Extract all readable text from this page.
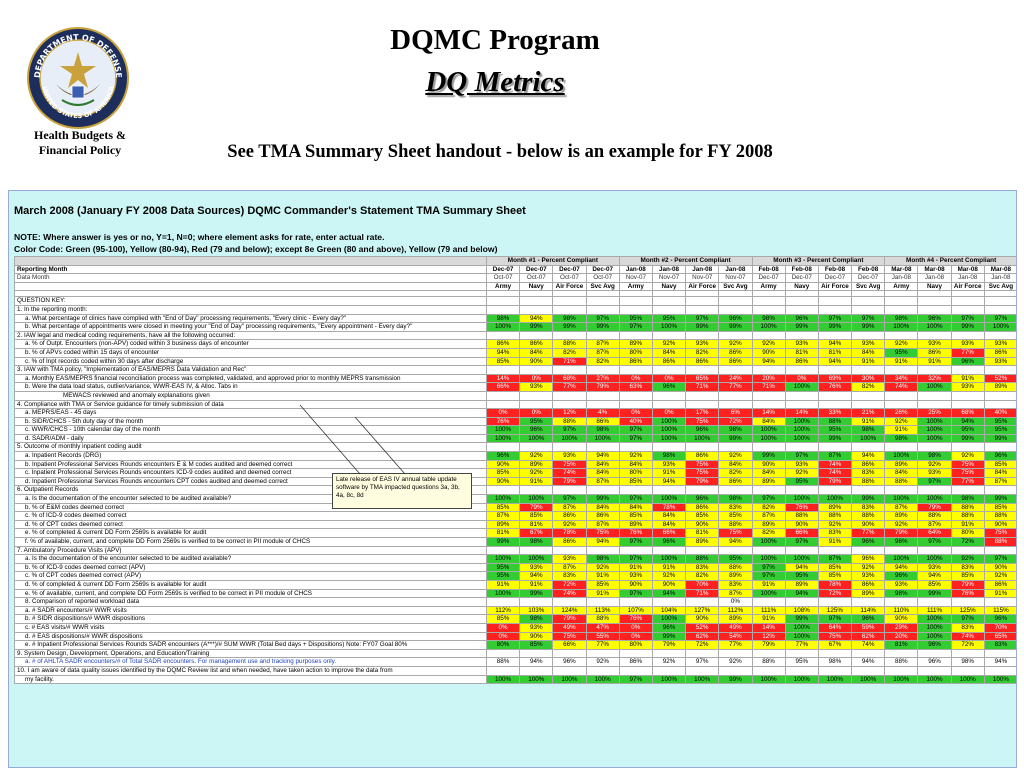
DEPARTMENT OF DEFENSE
UNITED STATES OF AMERICA
Health Budgets & Financial Policy
DQMC Program
DQ Metrics
See TMA Summary Sheet handout - below is an example for FY 2008
March 2008 (January FY 2008 Data Sources) DQMC Commander's Statement TMA Summary Sheet
NOTE: Where answer is yes or no, Y=1, N=0; where element asks for rate, enter actual rate.
Color Code: Green (95-100), Yellow (80-94), Red (79 and below); except 8e Green (80 and above), Yellow (79 and below)
	Month #1 - Percent Compliant				Month #2 - Percent Compliant				Month #3 - Percent Compliant				Month #4 - Percent Compliant			
Reporting Month	Dec-07	Dec-07	Dec-07	Dec-07	Jan-08	Jan-08	Jan-08	Jan-08	Feb-08	Feb-08	Feb-08	Feb-08	Mar-08	Mar-08	Mar-08	Mar-08
Data Month	Oct-07	Oct-07	Oct-07	Oct-07	Nov-07	Nov-07	Nov-07	Nov-07	Dec-07	Dec-07	Dec-07	Dec-07	Jan-08	Jan-08	Jan-08	Jan-08
	Army	Navy	Air Force	Svc Avg	Army	Navy	Air Force	Svc Avg	Army	Navy	Air Force	Svc Avg	Army	Navy	Air Force	Svc Avg

QUESTION KEY:																
1. In the reporting month:																
a. What percentage of clinics have complied with "End of Day" processing requirements, "Every clinic - Every day?"	98%	94%	98%	97%	95%	95%	97%	96%	98%	96%	97%	97%	98%	96%	97%	97%
b. What percentage of appointments were closed in meeting your "End of Day" processing requirements, "Every appointment - Every day?"	100%	99%	99%	99%	97%	100%	99%	99%	100%	99%	99%	99%	100%	100%	99%	100%
2. IAW legal and medical coding requirements, have all the following occurred:																
a. % of Outpt. Encounters (non-APV) coded within 3 business days of encounter	86%	86%	88%	87%	89%	92%	93%	92%	92%	93%	94%	93%	92%	93%	93%	93%
b. % of APVs coded within 15 days of encounter	94%	84%	82%	87%	80%	84%	82%	86%	90%	81%	81%	84%	95%	86%	77%	86%
c. % of Inpt records coded within 30 days after discharge	85%	90%	71%	82%	86%	86%	86%	86%	94%	86%	94%	91%	91%	91%	96%	93%
3. IAW with TMA policy, "Implementation of EAS/MEPRS Data Validation and Rec"																
a. Monthly EAS/MEPRS financial reconciliation process was completed, validated, and approved prior to monthly MEPRS transmission	14%	0%	68%	27%	0%	0%	65%	24%	20%	0%	69%	30%	34%	32%	91%	52%
b. Were the data load status, outlier/variance, WWR-EAS IV, & Alloc. Tabs in	66%	93%	77%	79%	63%	96%	71%	77%	71%	100%	76%	82%	74%	100%	93%	89%
MEWACS reviewed and anomaly explanations given																
4. Compliance with TMA or Service guidance for timely submission of data																
a. MEPRS/EAS - 45 days	0%	0%	12%	4%	0%	0%	17%	6%	14%	14%	33%	21%	26%	25%	68%	40%
b. SIDR/CHCS - 5th duty day of the month	76%	95%	88%	86%	40%	100%	75%	72%	84%	100%	88%	91%	92%	100%	94%	95%
c. WWR/CHCS - 10th calendar day of the month	100%	96%	97%	98%	97%	100%	96%	98%	100%	100%	95%	98%	91%	100%	95%	95%
d. SADR/ADM - daily	100%	100%	100%	100%	97%	100%	100%	99%	100%	100%	99%	100%	98%	100%	99%	99%
5. Outcome of monthly inpatient coding audit																
a. Inpatient Records (DRG)	96%	92%	93%	94%	92%	98%	86%	92%	99%	97%	87%	94%	100%	98%	92%	96%
b. Inpatient Professional Services Rounds encounters E & M codes audited and deemed correct	90%	89%	75%	84%	84%	93%	75%	84%	90%	93%	74%	86%	89%	92%	75%	85%
c. Inpatient Professional Services Rounds encounters ICD-9 codes audited and deemed correct	85%	92%	74%	84%	80%	91%	75%	82%	84%	92%	74%	83%	84%	93%	75%	84%
d. Inpatient Professional Services Rounds encounters CPT codes audited and deemed correct	90%	91%	79%	87%	85%	94%	79%	86%	89%	95%	79%	88%	88%	97%	77%	87%
6. Outpatient Records																
a. Is the documentation of the encounter selected to be audited available?	100%	100%	97%	99%	97%	100%	96%	98%	97%	100%	100%	99%	100%	100%	98%	99%
b. % of E&M codes deemed correct	85%	79%	87%	84%	84%	78%	86%	83%	82%	76%	89%	83%	87%	79%	88%	85%
c. % of ICD-9 codes deemed correct	87%	85%	86%	86%	85%	84%	85%	85%	87%	88%	88%	88%	89%	88%	88%	88%
d. % of CPT codes deemed correct	89%	81%	92%	87%	89%	84%	90%	88%	89%	90%	92%	90%	92%	87%	91%	90%
e. % of completed & current DD Form 2569s is available for audit	81%	67%	78%	75%	76%	66%	81%	75%	82%	66%	83%	77%	79%	64%	80%	75%
f. % of available, current, and complete DD Form 2569s is verified to be correct in PII module of CHCS	99%	98%	86%	94%	97%	96%	89%	94%	100%	97%	91%	96%	96%	97%	72%	88%
7. Ambulatory Procedure Visits (APV)																
a. Is the documentation of the encounter selected to be audited available?	100%	100%	93%	98%	97%	100%	88%	95%	100%	100%	87%	96%	100%	100%	92%	97%
b. % of ICD-9 codes deemed correct (APV)	95%	93%	87%	92%	91%	91%	83%	88%	97%	94%	85%	92%	94%	93%	83%	90%
c. % of CPT codes deemed correct (APV)	95%	94%	83%	91%	93%	92%	82%	89%	97%	95%	85%	93%	96%	94%	85%	92%
d. % of completed & current DD Form 2569s is available for audit	91%	91%	72%	85%	90%	90%	70%	83%	91%	89%	78%	86%	93%	85%	79%	86%
e. % of available, current, and complete DD Form 2569s is verified to be correct in PII module of CHCS	100%	99%	74%	91%	97%	94%	71%	87%	100%	94%	72%	89%	98%	99%	76%	91%
8. Comparison of reported workload data								0%								
a. # SADR encounters/# WWR visits	112%	103%	124%	113%	107%	104%	127%	112%	111%	108%	125%	114%	110%	111%	125%	115%
b. # SIDR dispositions/# WWR dispositions	85%	98%	79%	88%	76%	100%	90%	89%	91%	99%	97%	96%	90%	100%	97%	96%
c. # EAS visits/# WWR visits	0%	93%	49%	47%	0%	96%	52%	49%	14%	100%	64%	59%	29%	100%	83%	70%
d. # EAS dispositions/# WWR dispositions	0%	90%	75%	55%	0%	99%	62%	54%	12%	100%	75%	62%	20%	100%	74%	65%
e. # Inpatient Professional Services Rounds SADR encounters (A***)/# SUM WWR (Total Bed days + Dispositions) Note: FY07 Goal 80%	80%	85%	66%	77%	80%	79%	72%	77%	79%	77%	67%	74%	81%	96%	72%	83%
9. System Design, Development, Operations, and Education/Training																
a. # of AHLTA SADR encounters/# of Total SADR encounters. For management use and tracking purposes only.	88%	94%	96%	92%	86%	92%	97%	92%	88%	95%	98%	94%	88%	96%	98%	94%
10. I am aware of data quality issues identified by the DQMC Review list and when needed, have taken action to improve the data from																
my facility.	100%	100%	100%	100%	97%	100%	100%	99%	100%	100%	100%	100%	100%	100%	100%	100%
Late release of EAS IV annual table update software by TMA impacted questions 3a, 3b, 4a, 8c, 8d
